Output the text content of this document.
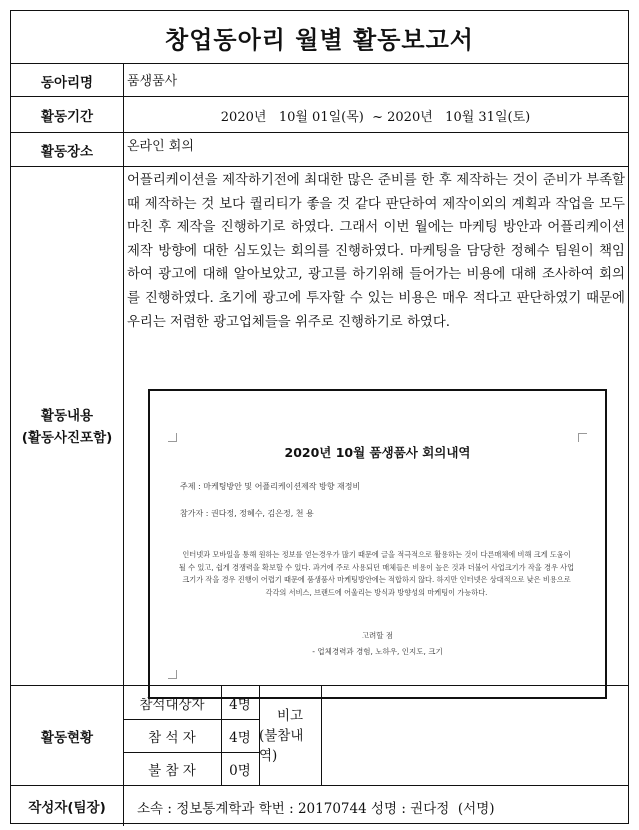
창업동아리 월별 활동보고서
동아리명	품생품사
활동기간	2020년   10월 01일(목)  ~ 2020년   10월 31일(토)
활동장소	온라인 회의
활동내용
(활동사진포함)
어플리케이션을 제작하기전에 최대한 많은 준비를 한 후 제작하는 것이 준비가 부족할 때 제작하는 것 보다 퀄리티가 좋을 것 같다 판단하여 제작이외의 계획과 작업을 모두 마친 후 제작을 진행하기로 하였다. 그래서 이번 월에는 마케팅 방안과 어플리케이션제작 방향에 대한 심도있는 회의를 진행하였다. 마케팅을 담당한 정혜수 팀원이 책임하여 광고에 대해 알아보았고, 광고를 하기위해 들어가는 비용에 대해 조사하여 회의를 진행하였다. 초기에 광고에 투자할 수 있는 비용은 매우 적다고 판단하였기 때문에 우리는 저렴한 광고업체들을 위주로 진행하기로 하였다.
2020년 10월 품생품사 회의내역
주제 : 마케팅방안 및 어플리케이션제작 방향 재정비
참가자 : 권다정, 정혜수, 김은정, 천 용
인터넷과 모바일을 통해 원하는 정보를 얻는경우가 많기 때문에 글을 적극적으로 활용하는 것이 다른매체에 비해 크게 도움이 될 수 있고, 쉽게 경쟁력을 확보할 수 있다. 과거에 주로 사용되던 매체들은 비용이 높은 것과 더불어 사업크기가 작을 경우 사업크기가 작을 경우 진행이 어렵기 때문에 품생품사 마케팅방안에는 적합하지 않다. 하지만 인터넷은 상대적으로 낮은 비용으로 각각의 서비스, 브랜드에 어울리는 방식과 방향성의 마케팅이 가능하다.
고려할 점
- 업체경력과 경험, 노하우, 인지도, 크기
활동현황
참석대상자	4명
참 석 자	4명
불 참 자	0명
비고
(불참내역)
작성자(팀장)	소속 : 정보통계학과 학번 : 20170744 성명 : 권다정  (서명)
